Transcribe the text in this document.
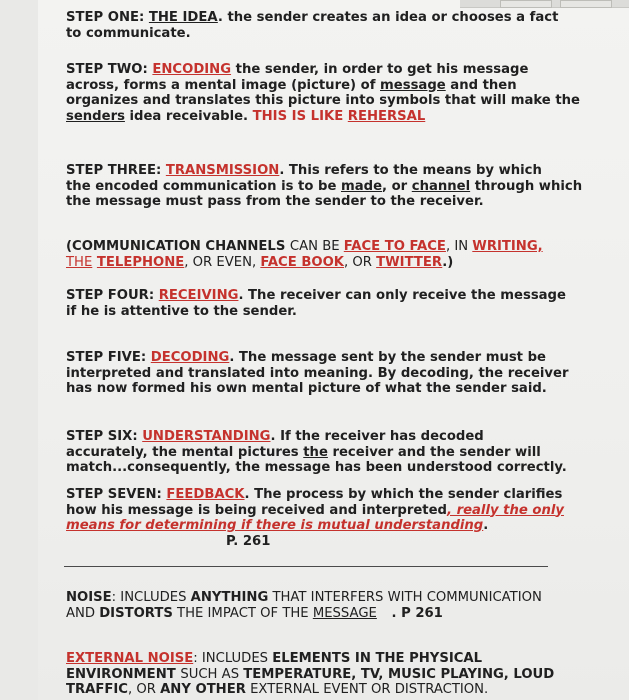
STEP ONE: THE IDEA. the sender creates an idea or chooses a fact
to communicate.
STEP TWO: ENCODING the sender, in order to get his message
across, forms a mental image (picture) of message and then
organizes and translates this picture into symbols that will make the
senders idea receivable. THIS IS LIKE REHERSAL
STEP THREE: TRANSMISSION. This refers to the means by which
the encoded communication is to be made, or channel through which
the message must pass from the sender to the receiver.
(COMMUNICATION CHANNELS CAN BE FACE TO FACE, IN WRITING,
THE TELEPHONE, OR EVEN, FACE BOOK, OR TWITTER.)
STEP FOUR: RECEIVING. The receiver can only receive the message
if he is attentive to the sender.
STEP FIVE: DECODING. The message sent by the sender must be
interpreted and translated into meaning. By decoding, the receiver
has now formed his own mental picture of what the sender said.
STEP SIX: UNDERSTANDING. If the receiver has decoded
accurately, the mental pictures the receiver and the sender will
match...consequently, the message has been understood correctly.
STEP SEVEN: FEEDBACK. The process by which the sender clarifies
how his message is being received and interpreted, really the only
means for determining if there is mutual understanding.
P. 261
NOISE: INCLUDES ANYTHING THAT INTERFERS WITH COMMUNICATION
AND DISTORTS THE IMPACT OF THE MESSAGE . P 261
EXTERNAL NOISE: INCLUDES ELEMENTS IN THE PHYSICAL
ENVIRONMENT SUCH AS TEMPERATURE, TV, MUSIC PLAYING, LOUD
TRAFFIC, OR ANY OTHER EXTERNAL EVENT OR DISTRACTION.
